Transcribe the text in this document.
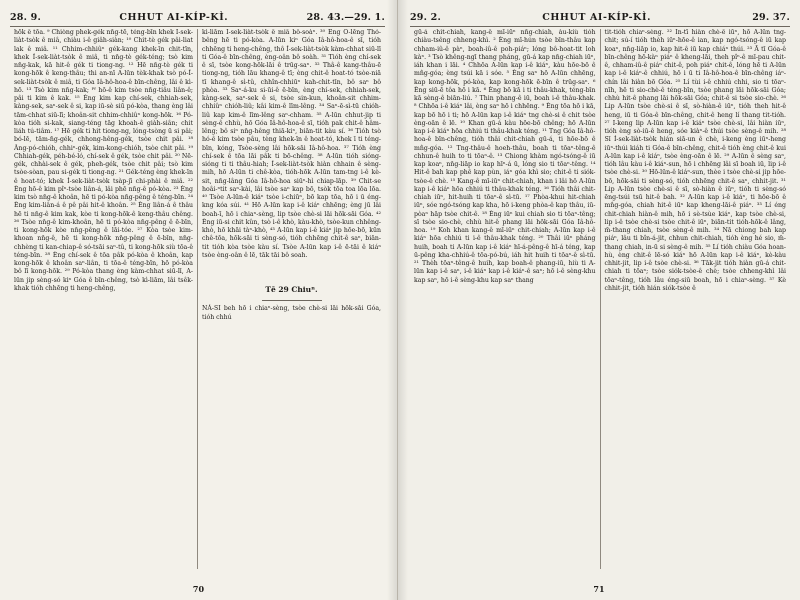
28. 9.	CHHUT AI-KÍP-KÌ.	28. 43.—29. 1.

hōk ê tōa. ⁹ Chiòng phek-gék nn̄g-tē, téng-bīn khek Í-sek-liàt-tsòk ê miâ, chiàu i-ê giâh-siàn; ¹⁰ Chit-tè gék pâi-liat lak ê miâ. ¹¹ Chhim-chhiûⁿ gék-kang khek-īn chit-tīn, khek Í-sek-liàt-tsòk ê miâ, ti nn̄g-tè gék-téng; tsò kim nn̄g-kak, kā hit-ê gék ti tiong-ng. ¹² Hē nn̄g-tè gék ti kong-hōk ê keng-thâu; thi an-nī A-lūn tèk-khak tsò pó-Í-sek-liàt-tsòk ê miâ, ti Góa Iâ-hô-hoa-ê bīn-chêng, lâi ê kì-hō. ¹³ Tsò kim nn̄g-kak; ᴾᶠ hō-ê kim tsòe nn̄g-tiâu liân-ê; pâi ti kim ê kak. ¹⁵ Èng kim kap chí-sek, chhiah-sek, kàng-sek, saⁿ-sek ê si, kap iū-sè siū pó-kòa, thang èng lâi tām-chhat siū-lī; khoân-sit chhim-chhiûⁿ kong-hōk. ¹⁶ Pó-kòa tióh si-kak, siang-téng tāg khoah-ê giàh-siân; chit liáh tú-tiâm. ¹⁷ Hē gék ti hit tiong-ng, lóng-tsòng ū si pâi; bó-lē, tām-n̄g-gék, chhong-hêng-gék, tsòe chit pâi. ¹⁸ Âng-pó-chióh, chhiⁿ-gék, kim-kong-chióh, tsòe chit pâi. ¹⁹ Chhiah-gék, péh-bé-ló, chí-sek ê gék, tsòe chit pâi. ²⁰ Nē-gék, chhài-sek ê gék, pheh-gék, tsòe chit pâi; tsò kim tsòe-sòan, pau si-gék ti tiong-ng. ²¹ Gék-téng èng khek-īn ê hoat-tó; khek Í-sek-liàt-tsòk tsàp-jī chi-phài ê miâ. ²² Èng hō-ê kim pîⁿ-tsòe liân-á, lâi phē nn̄g-ê pó-kòa. ²³ Èng kim tsò nn̄g-ê khoân, hē ti pó-kòa nn̄g-pêng ê téng-bīn. ²⁴ Èng kim-liân-á ê pê pâi hit-ê khoân. ²⁵ Èng liân-á ê thâu hē ti nn̄g-ê kim kak, kòe ti kong-hōk-ê keng-thâu chêng. ²⁶ Tsòe nn̄g-ê kim-khoân, hē ti pó-kòa nn̄g-pêng ê ē-bīn, ti kong-hōk kòe nn̄g-pêng ê lāi-tóe. ²⁷ Kòa tsòe kim-khoan nn̄g-ê, hē ti kong-hōk nn̄g-pêng ê ē-bīn, nn̄g-chhèng ti kan-chiap-ê só-tsāi saⁿ-tû, ti kong-hōk siù tōa-ê téng-bīn. ²⁸ Èng chí-sek ê tōa pâk pó-kòa ê khoân, kap kong-hōk ê khoân saⁿ-liân, ti tōa-ê téng-bīn, hō pó-kòa bô lī kong-hōk. ²⁹ Pó-kòa thang èng kàm-chhat siū-lī, A-lūn jip sèng-só kiⁿ Góa ê bīn-chêng, tsò kì-liām, lâi tsêk-khak tióh chhēng ti heng-chêng,

kì-liām Í-sek-liàt-tsòk ê miâ bô-soàⁿ. ³⁰ Èng O-lēng Thó-bêng hē ti pó-kòa. A-lūn kiⁿ Góa Iâ-hô-hoa-ê sī, tióh chhēng ti heng-chêng, thô Í-sek-liàt-tsòk kàm-chhat siū-lī ti Góa-ê bīn-chêng, èng-oân bô soàh. ³¹ Tióh èng chí-sek ê sī, tsòe kong-hōk-lāi ê trūg-saⁿ. ³² Thâ-ê kang-thâu-ē tiong-ng, tióh lāu khang-ê tī; èng chit-ê hoat-tó tsòe-niā tī khang-ê sì-tû, chhîn-chhiūⁿ kah-chit-tīn, bô saⁿ bô phòa. ³³ Saⁿ-á-ku si-ūi-ê ē-bīn, èng chí-sek, chhiah-sek, kàng-sek, saⁿ-sek ê si, tsòe sin-kun, khoân-sit chhim-chhiûⁿ chióh-liû; kâi kim-ê līm-lêng. ³⁴ Saⁿ-ē-sì-tū chióh-liû kap kim-ê līm-lêng saⁿ-chham. ³⁵ A-lūn chhut-jip ti sèng-ê chhù, hō Góa Iâ-hô-hoa-ê sī, tióh pak chit-ê hâm-lêng; bô siⁿ nn̄g-hêng thiā-kiⁿ, biān-tit kàu sí. ³⁶ Tióh tsò hó-ê kim tsòe pâu, tèng khek-īn ê hoat-tó, khek ī ti téng-bīn, kóng, Tsòe-sèng lâi hōk-sāi Iâ-hô-hoa. ³⁷ Tióh èng chí-sek ê tōa lāi pâk ti bō-chêng. ³⁸ A-lūn tióh sióng-sióng ti ti thâu-hiah; Í-sek-liàt-tsòk hiàn chhain ê sèng-mih, hō A-lūn ti chê-kòa, tióh-hōk A-lūn tam-tng i-ê kè-sit, nn̄g-lâng Góa Iâ-hô-hoa siūⁿ-hì chiap-lāp. ³⁹ Chit-se hoâi-ⁿtit saⁿ-kài, lâi tsòe saⁿ kap bō, tsòk tōa toa lōa lōa. ⁴⁰ Tsòe A-lūn-ê kiáⁿ tsòe i-chiūⁿ, bō kap tōa, hō i ū éng-kng kóa súi. ⁴¹ Hō A-lūn kap i-ê kiáⁿ chhēng; èng jū lâi boah-ī, hō i chiaⁿ-sèng, lip tsòe chè-si lāi hōk-sāi Góa. ⁴² Èng iū-si chit kûn, tsò i-ê khò, kàu-khò, tsòe-kun chhêng-khò, hō khāi tàⁿ-khò, ⁴³ A-lūn kap i-ê kiáⁿ jip hōe-bō, kūn chê-tōa, hōk-sāi ti sèng-só, tióh chhēng chit-ê saⁿ, biān-tit tióh kòa tsòe kàu sí. Tsòe A-lūn kap i-ê ē-tāi ê kiáⁿ tsòe èng-oân ê lē, tāk tāi bô soah.

Tē 29 Chiuⁿ.

NÁ-SI beh hō i chiaⁿ-sèng, tsòe chè-si lāi hōk-sāi Góa, tióh chhú

70
29. 2.	CHHUT AI-KÍP-KÌ.	29. 37.

gū-á chit-chiah, kang-ê mī-iūⁿ nn̄g-chiah, àu-kiù tióh chiàu-tsêng chheng-khì. ² Èng mī-hún tsòe bīn-thâu kap chham-iû-ê pàⁿ, boah-iû-ê poh-piáⁿ; lóng bô-hoat-tit loh kàⁿ. ³ Tsò khêng-ngī thang pháng, gū-á kap nn̄g-chiah iūⁿ, iáh khan i lāi. ⁴ Chhōa A-lūn kap i-ê kiáⁿ, kàu hōe-bō ê mn̂g-góa; èng tsúi kā i sóe. ⁵ Èng saⁿ hō A-lūn chhēng, kap kong-hōk, pó-kòa, kap kong-hōk ē-bīn ê trūg-saⁿ. ⁶ Èng siū-ē tôa hō i kā. ⁶ Èng bō kā i ti thâu-khak, téng-bīn kā sèng-ê biān-liú. ⁷ Thin phang-ê iū, boah i-ê thâu-khak. ⁸ Chhōa i-ê kiáⁿ lâi, èng saⁿ hō i chhēng. ⁹ Èng tōa hō i kā, kap bō hō i ti; hō A-lūn kap i-ê kiáⁿ tng chè-si ê chit tsòe èng-oān ê lē. ¹⁰ Khan gū-á kàu hōe-bō chêng; hō A-lūn kap i-ê kiáⁿ hōa chhiú ti thâu-khak téng. ¹¹ Tng Góa Iâ-hô-hoa-ê bīn-chêng, tióh thâi chit-chiah gū-á, ti hōe-bō ê mn̂g-góa. ¹² Tng-thâu-ê hoeh-thâu, boah ti tōaⁿ-têng-ê chhun-ê huih to ti tōaⁿ-ê. ¹³ Chiong khàm ngó-tsóng-ê iū kap koaⁿ, nn̄g-liāp io kap hīⁿ-á ū, lóng sio ti tōaⁿ-têng. ¹⁴ Hit-ê bah kap phê kap pùn, iáⁿ góa khì sio; chit-ê ti siók-tsòe-ê chè. ¹⁵ Kang-ê mī-iūⁿ chit-chiah, khan i lâi hō A-lūn kap i-ê kiáⁿ hōa chhiú ti thâu-khak téng. ¹⁶ Tióh thâi chit-chiah iūⁿ, hit-huih ti tōaⁿ-ê sì-tū. ¹⁷ Phòa-khui hit-chiah iūⁿ, sóe ngó-tsóng kap kha, hō i-keng phòa-ê kap thâu, iū-pòaⁿ hāp tsòe chit-ê. ¹⁸ Èng iūⁿ kui chiah sio ti tōaⁿ-têng; sī tsòe sio-chè, chhù hit-ê phang lāi hōk-sāi Góa Iâ-hô-hoa. ¹⁹ Koh khan kang-ê mī-iūⁿ chit-chiah; A-lūn kap i-ê kiáⁿ hōa chhiú ti i-ê thâu-khak téng. ²⁰ Thâi iūⁿ pháng huih, boah ti A-lūn kap i-ê kiáⁿ hī-á-pêng-ê hī-á téng, kap ū-pêng kha-chhiú-ê tōa-pó-bú, iáh hit huih ti tōaⁿ-ê sì-tū. ²¹ Thèh tōaⁿ-têng-ê huih, kap boah-ê phang-iū, hiù ti A-lūn kap i-ê saⁿ, i-ê kiáⁿ kap i-ê kiáⁿ-ê saⁿ; hō i-ê sèng-khu kap saⁿ, hō i-ê sèng-khu kap saⁿ thang

tit-tióh chiaⁿ-sèng. ²² In-tī hiàn chè-ê iūⁿ, hō A-lūn tng-chit; sú-í tióh thèh iūⁿ-hōe-ê ian, kap ngó-tsóng-ê iū kap koaⁿ, nn̄g-liāp io, kap hit-ê iū kap chiáⁿ thúi. ²³ Ā tī Góa-ê bīn-chêng hō-kàⁿ piáⁿ ê kheng-lāi, theh pîⁿ-ê mī-pau chit-ê, chham-iû-ê piáⁿ chit-ê, poh piáⁿ chit-ê, lóng hē ti A-lūn kap i-ê kiáⁿ-ê chhiú, hō i ū ti Iâ-hô-hoa-ê bīn-chêng iáⁿ-chín lâi hiàn bō Góa. ²⁵ Lí tùi i-ê chhiú chhi, sio ti tōaⁿ-nīh, hē ti sio-chè-ê téng-bīn, tsòe phang lāi hōk-sāi Góa; chhù hit-ê phang lāi hōk-sāi Góa; chit-ê si tsòe sio-chè. ²⁶ Lip A-lūn tsòe chè-si ê sī, sò-hiàn-ê iūⁿ, tióh theh hit-ê heng, iū ti Góa-ê bīn-chêng, chit-ê heng lí thang tit-tióh. ²⁷ I-keng lip A-lūn kap i-ê kiáⁿ tsòe chè-si, lâi hiàn iūⁿ, tióh èng sò-iū-ê heng, sóe kiàⁿ-ê thúi tsòe sèng-ê mih. ²⁸ Sī Í-sek-liàt-tsòk hián siā-un ê chè, i-keng èng iūⁿ-heng iūⁿ-thúi kiáh ti Góa-ê bīn-chêng, chit-ê tióh èng chit-ê kui A-lūn kap i-ê kiáⁿ, tsòe èng-oān ê lē. ²⁹ A-lūn ê sèng saⁿ, tióh lâu kàu i-ê kiáⁿ-sun, hō i chhēng lâi sī boah iū, lip i-ê tsòe chè-si. ³⁰ Hō-lūn-ê kiáⁿ-sun, thèe i tsòe chè-si jip hōe-bō, hōk-sāi ti sèng-só, tióh chhēng chit-ê saⁿ, chhit-jit. ³¹ Lip A-lūn tsòe chè-si ê sī, sò-hiàn ê iūⁿ, tióh ti sèng-só ēng-tsúi tsū hit-ê bah. ³² A-lūn kap i-ê kiáⁿ, ti hōe-bō ê mn̂g-góa, chiah hit-ê iūⁿ kap kheng-lāi-ê piáⁿ. ³³ Lí éng chit-chiah hiàn-ê mih, hō i sè-tsùe kiáⁿ, kap tsòe chè-si, lip i-ê tsòe chè-si tsòe chit-ê iūⁿ, biān-tit tióh-hōk-ê lâng, m̄-thang chiah, tsòe sèng-ê mih. ³⁴ Nā chiong bah kap piáⁿ, lâu ti bîn-á-jit, chhun chit-chiah, tióh èng hé sio, m̄-thang chiah, in-ū si sèng-ê mih. ³⁵ Lí tióh chiàu Góa hoan-hù, èng chit-ê lē-só kiáⁿ hō A-lūn kap i-ê kiáⁿ, kè-kàu chhit-jit, lip i-ê tsòe chè-si. ³⁶ Tāk-jit tióh hiàn gū-á chit-chiah ti tōaⁿ; tsòe siók-tsòe-ê chè; tsòe chheng-khì lâi tōaⁿ-têng, tióh lâu éng-siū boah, hō i chiaⁿ-sèng. ³⁷ Kè chhit-jit, tióh hián siók-tsòe ê

71
